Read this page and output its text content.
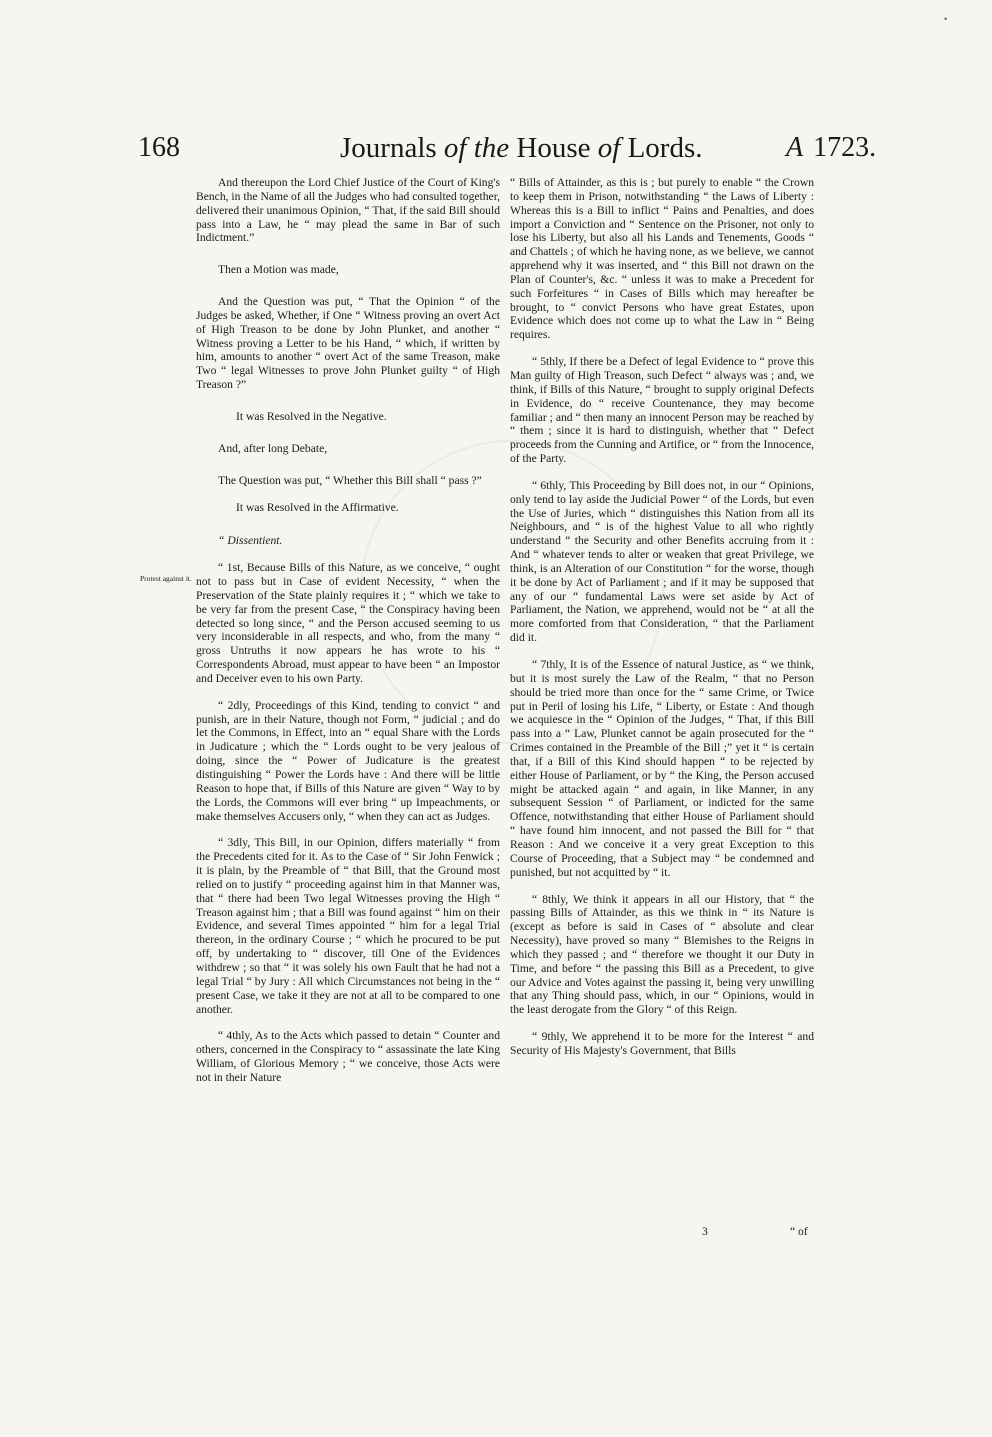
•
168	Journals of the House of Lords.	A 1723.
Protest against it.

And thereupon the Lord Chief Justice of the Court of King's Bench, in the Name of all the Judges who had consulted together, delivered their unanimous Opinion, “ That, if the said Bill should pass into a Law, he “ may plead the same in Bar of such Indictment.”

Then a Motion was made,

And the Question was put, “ That the Opinion “ of the Judges be asked, Whether, if One “ Witness proving an overt Act of High Treason to be done by John Plunket, and another “ Witness proving a Letter to be his Hand, “ which, if written by him, amounts to another “ overt Act of the same Treason, make Two “ legal Witnesses to prove John Plunket guilty “ of High Treason ?”

It was Resolved in the Negative.

And, after long Debate,

The Question was put, “ Whether this Bill shall “ pass ?”

It was Resolved in the Affirmative.

“ Dissentient.

“ 1st, Because Bills of this Nature, as we conceive, “ ought not to pass but in Case of evident Necessity, “ when the Preservation of the State plainly requires it ; “ which we take to be very far from the present Case, “ the Conspiracy having been detected so long since, “ and the Person accused seeming to us very inconsiderable in all respects, and who, from the many “ gross Untruths it now appears he has wrote to his “ Correspondents Abroad, must appear to have been “ an Impostor and Deceiver even to his own Party.

“ 2dly, Proceedings of this Kind, tending to convict “ and punish, are in their Nature, though not Form, “ judicial ; and do let the Commons, in Effect, into an “ equal Share with the Lords in Judicature ; which the “ Lords ought to be very jealous of doing, since the “ Power of Judicature is the greatest distinguishing “ Power the Lords have : And there will be little Reason to hope that, if Bills of this Nature are given “ Way to by the Lords, the Commons will ever bring “ up Impeachments, or make themselves Accusers only, “ when they can act as Judges.

“ 3dly, This Bill, in our Opinion, differs materially “ from the Precedents cited for it. As to the Case of “ Sir John Fenwick ; it is plain, by the Preamble of “ that Bill, that the Ground most relied on to justify “ proceeding against him in that Manner was, that “ there had been Two legal Witnesses proving the High “ Treason against him ; that a Bill was found against “ him on their Evidence, and several Times appointed “ him for a legal Trial thereon, in the ordinary Course ; “ which he procured to be put off, by undertaking to “ discover, till One of the Evidences withdrew ; so that “ it was solely his own Fault that he had not a legal Trial “ by Jury : All which Circumstances not being in the “ present Case, we take it they are not at all to be compared to one another.

“ 4thly, As to the Acts which passed to detain “ Counter and others, concerned in the Conspiracy to “ assassinate the late King William, of Glorious Memory ; “ we conceive, those Acts were not in their Nature

“ Bills of Attainder, as this is ; but purely to enable “ the Crown to keep them in Prison, notwithstanding “ the Laws of Liberty : Whereas this is a Bill to inflict “ Pains and Penalties, and does import a Conviction and “ Sentence on the Prisoner, not only to lose his Liberty, but also all his Lands and Tenements, Goods “ and Chattels ; of which he having none, as we believe, we cannot apprehend why it was inserted, and “ this Bill not drawn on the Plan of Counter's, &c. “ unless it was to make a Precedent for such Forfeitures “ in Cases of Bills which may hereafter be brought, to “ convict Persons who have great Estates, upon Evidence which does not come up to what the Law in “ Being requires.

“ 5thly, If there be a Defect of legal Evidence to “ prove this Man guilty of High Treason, such Defect “ always was ; and, we think, if Bills of this Nature, “ brought to supply original Defects in Evidence, do “ receive Countenance, they may become familiar ; and “ then many an innocent Person may be reached by “ them ; since it is hard to distinguish, whether that “ Defect proceeds from the Cunning and Artifice, or “ from the Innocence, of the Party.

“ 6thly, This Proceeding by Bill does not, in our “ Opinions, only tend to lay aside the Judicial Power “ of the Lords, but even the Use of Juries, which “ distinguishes this Nation from all its Neighbours, and “ is of the highest Value to all who rightly understand “ the Security and other Benefits accruing from it : And “ whatever tends to alter or weaken that great Privilege, we think, is an Alteration of our Constitution “ for the worse, though it be done by Act of Parliament ; and if it may be supposed that any of our “ fundamental Laws were set aside by Act of Parliament, the Nation, we apprehend, would not be “ at all the more comforted from that Consideration, “ that the Parliament did it.

“ 7thly, It is of the Essence of natural Justice, as “ we think, but it is most surely the Law of the Realm, “ that no Person should be tried more than once for the “ same Crime, or Twice put in Peril of losing his Life, “ Liberty, or Estate : And though we acquiesce in the “ Opinion of the Judges, “ That, if this Bill pass into a “ Law, Plunket cannot be again prosecuted for the “ Crimes contained in the Preamble of the Bill ;” yet it “ is certain that, if a Bill of this Kind should happen “ to be rejected by either House of Parliament, or by “ the King, the Person accused might be attacked again “ and again, in like Manner, in any subsequent Session “ of Parliament, or indicted for the same Offence, notwithstanding that either House of Parliament should “ have found him innocent, and not passed the Bill for “ that Reason : And we conceive it a very great Exception to this Course of Proceeding, that a Subject may “ be condemned and punished, but not acquitted by “ it.

“ 8thly, We think it appears in all our History, that “ the passing Bills of Attainder, as this we think in “ its Nature is (except as before is said in Cases of “ absolute and clear Necessity), have proved so many “ Blemishes to the Reigns in which they passed ; and “ therefore we thought it our Duty in Time, and before “ the passing this Bill as a Precedent, to give our Advice and Votes against the passing it, being very unwilling that any Thing should pass, which, in our “ Opinions, would in the least derogate from the Glory “ of this Reign.

“ 9thly, We apprehend it to be more for the Interest “ and Security of His Majesty's Government, that Bills

3	“ of
